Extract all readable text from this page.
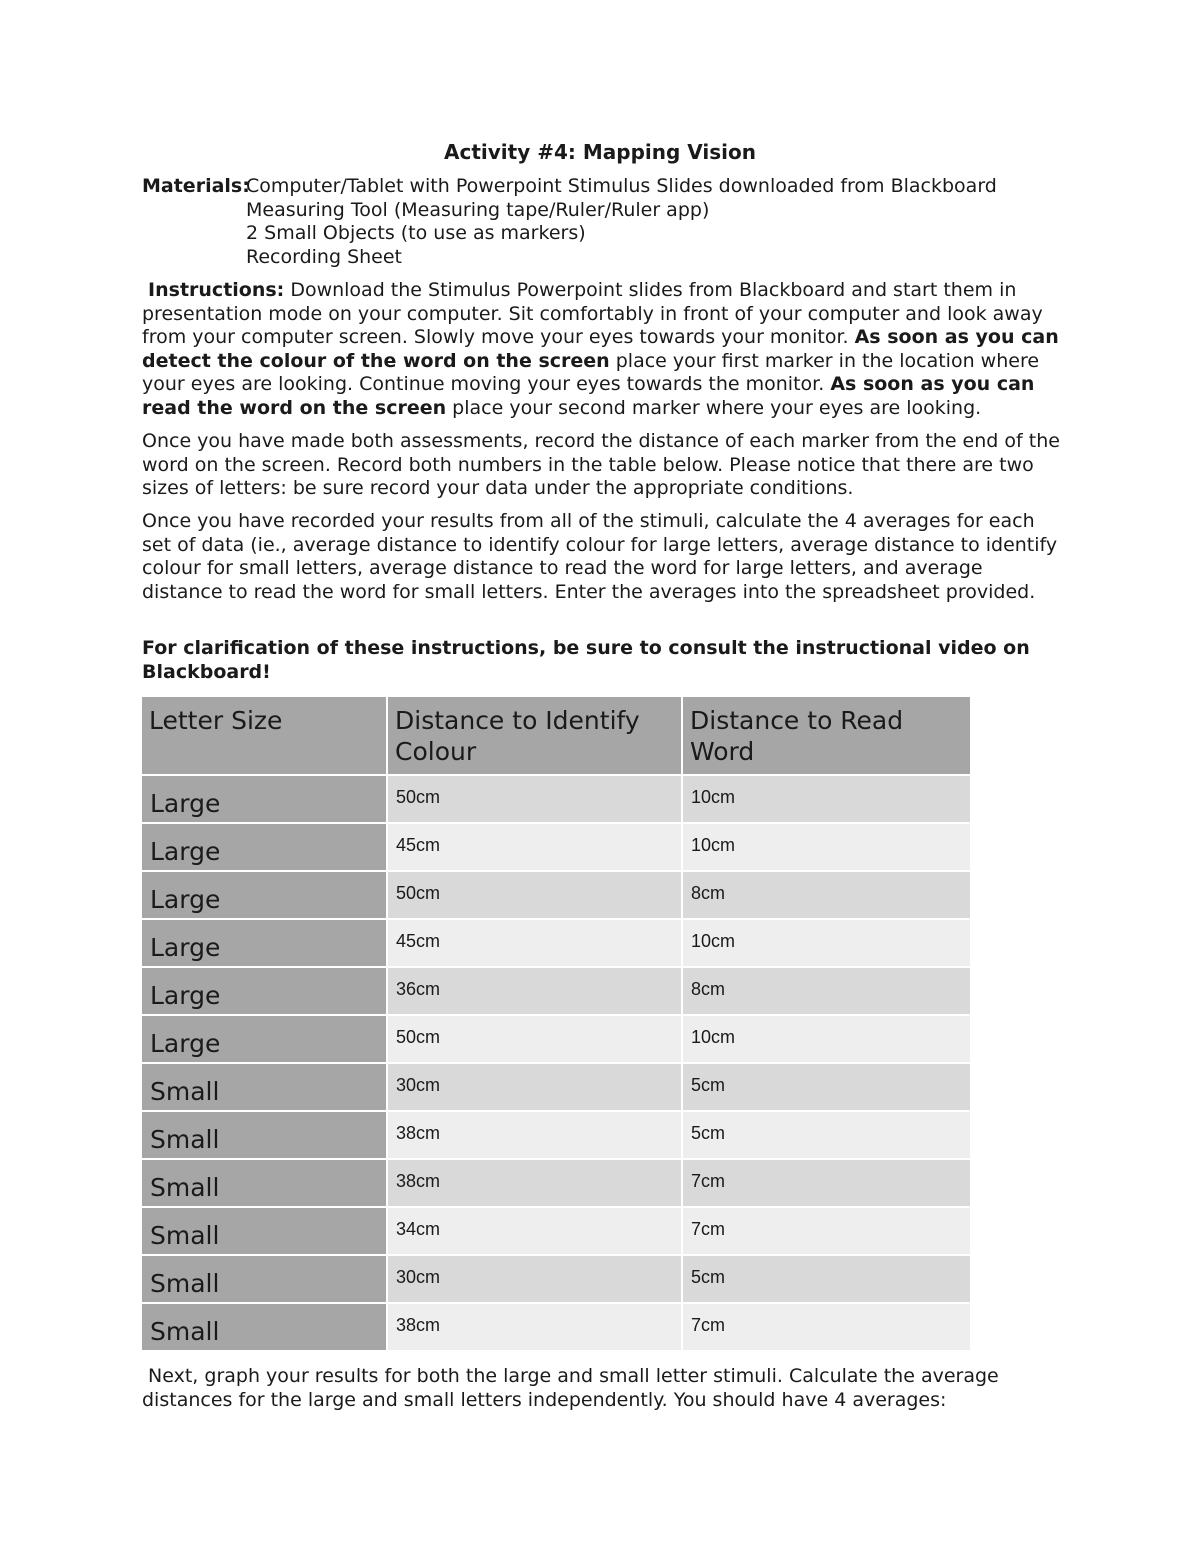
Activity #4: Mapping Vision
Materials:
Computer/Tablet with Powerpoint Stimulus Slides downloaded from Blackboard
Measuring Tool (Measuring tape/Ruler/Ruler app)
2 Small Objects (to use as markers)
Recording Sheet

Instructions: Download the Stimulus Powerpoint slides from Blackboard and start them in presentation mode on your computer. Sit comfortably in front of your computer and look away from your computer screen. Slowly move your eyes towards your monitor. As soon as you can detect the colour of the word on the screen place your first marker in the location where your eyes are looking. Continue moving your eyes towards the monitor. As soon as you can read the word on the screen place your second marker where your eyes are looking.

Once you have made both assessments, record the distance of each marker from the end of the word on the screen. Record both numbers in the table below. Please notice that there are two sizes of letters: be sure record your data under the appropriate conditions.

Once you have recorded your results from all of the stimuli, calculate the 4 averages for each set of data (ie., average distance to identify colour for large letters, average distance to identify colour for small letters, average distance to read the word for large letters, and average distance to read the word for small letters. Enter the averages into the spreadsheet provided.

For clarification of these instructions, be sure to consult the instructional video on Blackboard!

Letter Size	Distance to Identify Colour	Distance to Read Word
Large	50cm	10cm
Large	45cm	10cm
Large	50cm	8cm
Large	45cm	10cm
Large	36cm	8cm
Large	50cm	10cm
Small	30cm	5cm
Small	38cm	5cm
Small	38cm	7cm
Small	34cm	7cm
Small	30cm	5cm
Small	38cm	7cm

Next, graph your results for both the large and small letter stimuli. Calculate the average distances for the large and small letters independently. You should have 4 averages:
